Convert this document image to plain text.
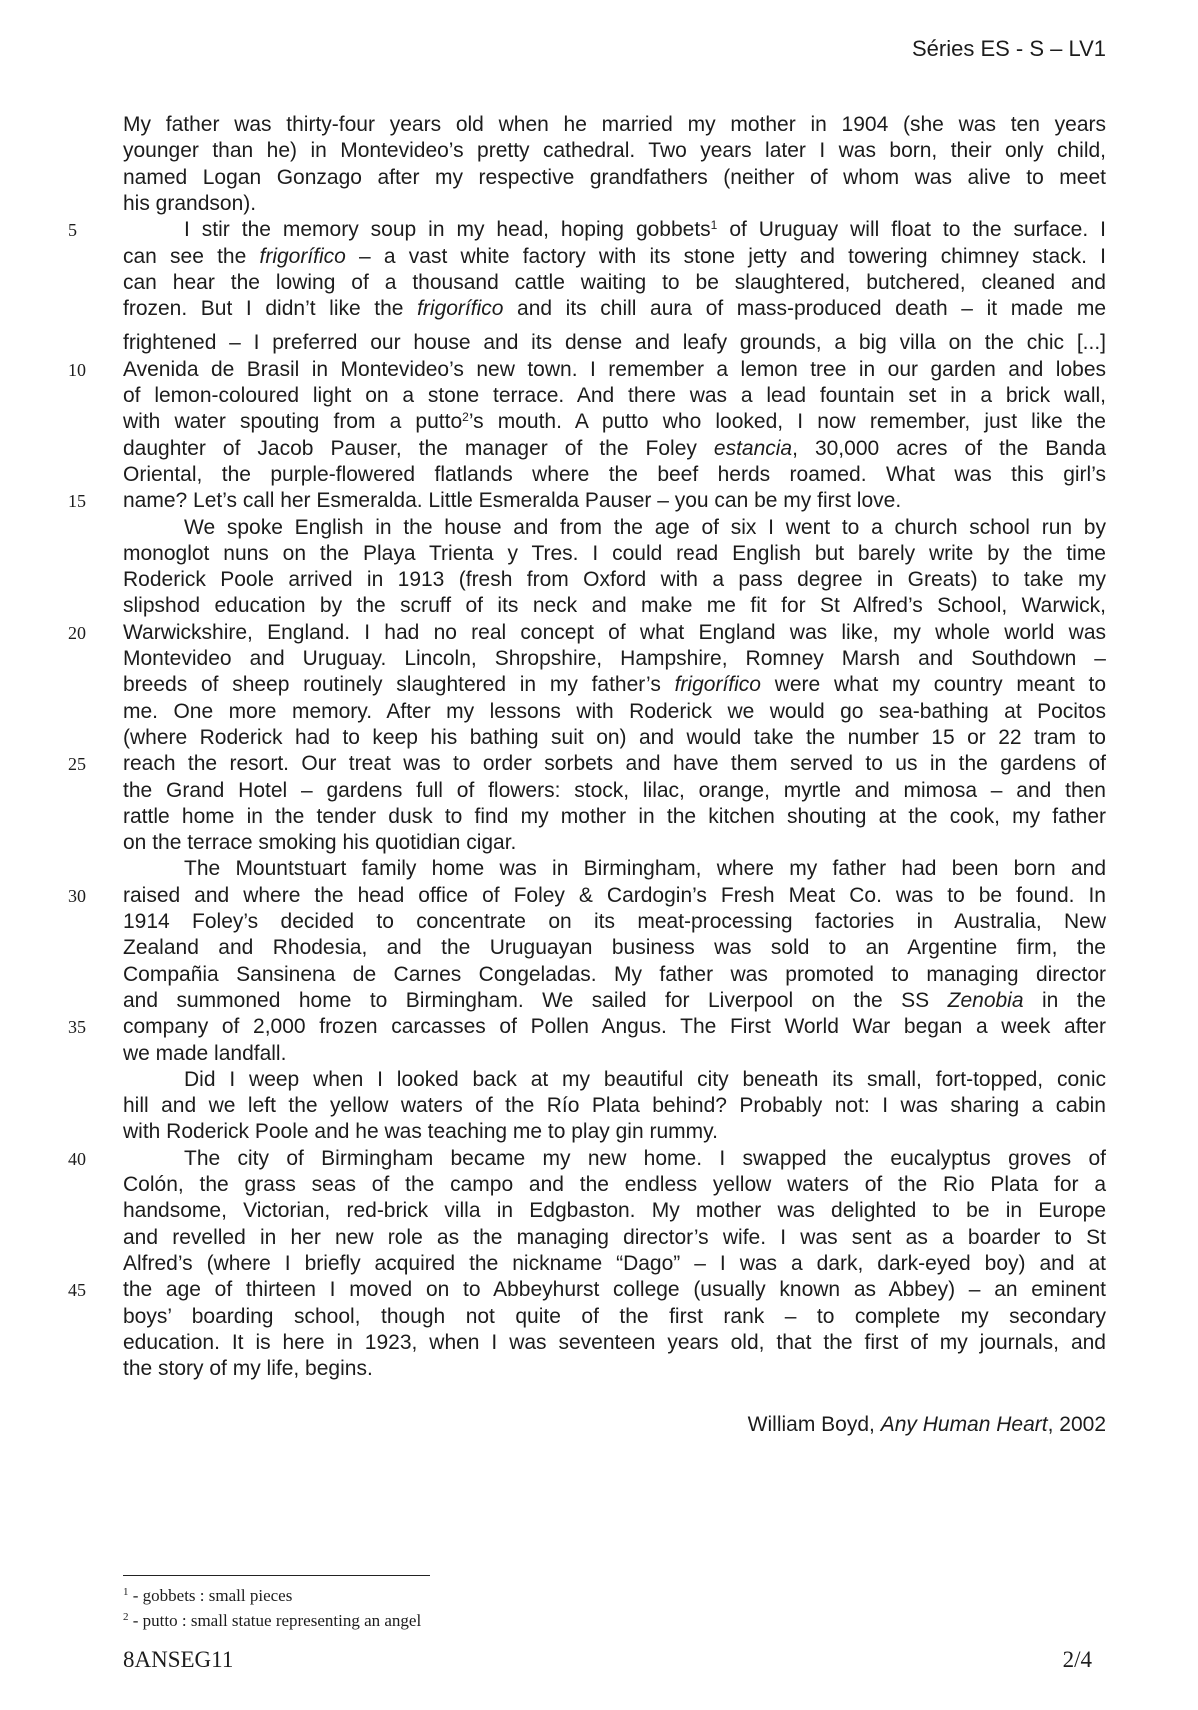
Séries ES - S – LV1
My father was thirty-four years old when he married my mother in 1904 (she was ten years
younger than he) in Montevideo’s pretty cathedral. Two years later I was born, their only child,
named Logan Gonzago after my respective grandfathers (neither of whom was alive to meet
his grandson).
I stir the memory soup in my head, hoping gobbets$^1$ of Uruguay will float to the surface. I
5
can see the frigorífico – a vast white factory with its stone jetty and towering chimney stack. I
can hear the lowing of a thousand cattle waiting to be slaughtered, butchered, cleaned and
frozen. But I didn’t like the frigorífico and its chill aura of mass-produced death – it made me
frightened – I preferred our house and its dense and leafy grounds, a big villa on the chic [...]
Avenida de Brasil in Montevideo’s new town. I remember a lemon tree in our garden and lobes
10
of lemon-coloured light on a stone terrace. And there was a lead fountain set in a brick wall,
with water spouting from a putto$^2$’s mouth. A putto who looked, I now remember, just like the
daughter of Jacob Pauser, the manager of the Foley estancia, 30,000 acres of the Banda
Oriental, the purple-flowered flatlands where the beef herds roamed. What was this girl’s
name? Let’s call her Esmeralda. Little Esmeralda Pauser – you can be my first love.
15
We spoke English in the house and from the age of six I went to a church school run by
monoglot nuns on the Playa Trienta y Tres. I could read English but barely write by the time
Roderick Poole arrived in 1913 (fresh from Oxford with a pass degree in Greats) to take my
slipshod education by the scruff of its neck and make me fit for St Alfred’s School, Warwick,
Warwickshire, England. I had no real concept of what England was like, my whole world was
20
Montevideo and Uruguay. Lincoln, Shropshire, Hampshire, Romney Marsh and Southdown –
breeds of sheep routinely slaughtered in my father’s frigorífico were what my country meant to
me. One more memory. After my lessons with Roderick we would go sea-bathing at Pocitos
(where Roderick had to keep his bathing suit on) and would take the number 15 or 22 tram to
reach the resort. Our treat was to order sorbets and have them served to us in the gardens of
25
the Grand Hotel – gardens full of flowers: stock, lilac, orange, myrtle and mimosa – and then
rattle home in the tender dusk to find my mother in the kitchen shouting at the cook, my father
on the terrace smoking his quotidian cigar.
The Mountstuart family home was in Birmingham, where my father had been born and
raised and where the head office of Foley & Cardogin’s Fresh Meat Co. was to be found. In
30
1914 Foley’s decided to concentrate on its meat-processing factories in Australia, New
Zealand and Rhodesia, and the Uruguayan business was sold to an Argentine firm, the
Compañia Sansinena de Carnes Congeladas. My father was promoted to managing director
and summoned home to Birmingham. We sailed for Liverpool on the SS Zenobia in the
company of 2,000 frozen carcasses of Pollen Angus. The First World War began a week after
35
we made landfall.
Did I weep when I looked back at my beautiful city beneath its small, fort-topped, conic
hill and we left the yellow waters of the Río Plata behind? Probably not: I was sharing a cabin
with Roderick Poole and he was teaching me to play gin rummy.
The city of Birmingham became my new home. I swapped the eucalyptus groves of
40
Colón, the grass seas of the campo and the endless yellow waters of the Rio Plata for a
handsome, Victorian, red-brick villa in Edgbaston. My mother was delighted to be in Europe
and revelled in her new role as the managing director’s wife. I was sent as a boarder to St
Alfred’s (where I briefly acquired the nickname “Dago” – I was a dark, dark-eyed boy) and at
the age of thirteen I moved on to Abbeyhurst college (usually known as Abbey) – an eminent
45
boys’ boarding school, though not quite of the first rank – to complete my secondary
education. It is here in 1923, when I was seventeen years old, that the first of my journals, and
the story of my life, begins.
William Boyd, Any Human Heart, 2002
$^1$ - gobbets : small pieces
$^2$ - putto : small statue representing an angel
8ANSEG11	2/4
